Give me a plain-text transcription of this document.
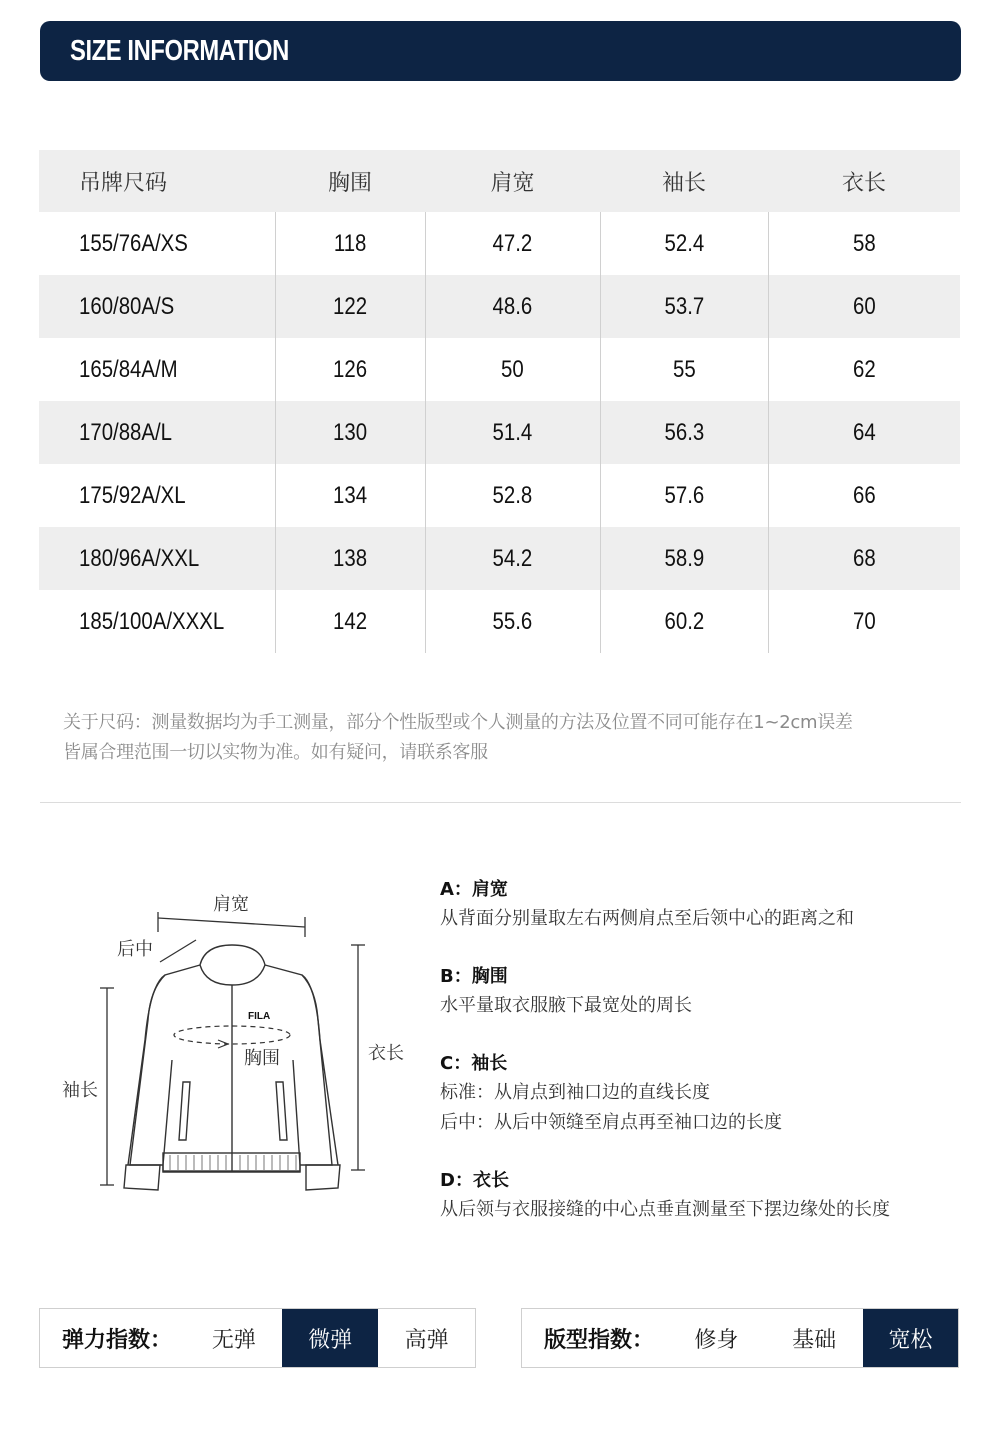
SIZE INFORMATION
吊牌尺码	胸围	肩宽	袖长	衣长
155/76A/XS	118	47.2	52.4	58
160/80A/S	122	48.6	53.7	60
165/84A/M	126	50	55	62
170/88A/L	130	51.4	56.3	64
175/92A/XL	134	52.8	57.6	66
180/96A/XXL	138	54.2	58.9	68
185/100A/XXXL	142	55.6	60.2	70
关于尺码：测量数据均为手工测量，部分个性版型或个人测量的方法及位置不同可能存在1~2cm误差
皆属合理范围一切以实物为准。如有疑问，请联系客服
肩宽
后中
胸围
袖长
衣长
FILA
A：肩宽
从背面分别量取左右两侧肩点至后领中心的距离之和
B：胸围
水平量取衣服腋下最宽处的周长
C：袖长
标准：从肩点到袖口边的直线长度
后中：从后中领缝至肩点再至袖口边的长度
D：衣长
从后领与衣服接缝的中心点垂直测量至下摆边缘处的长度
弹力指数：	无弹	微弹	高弹	版型指数：	修身	基础	宽松
